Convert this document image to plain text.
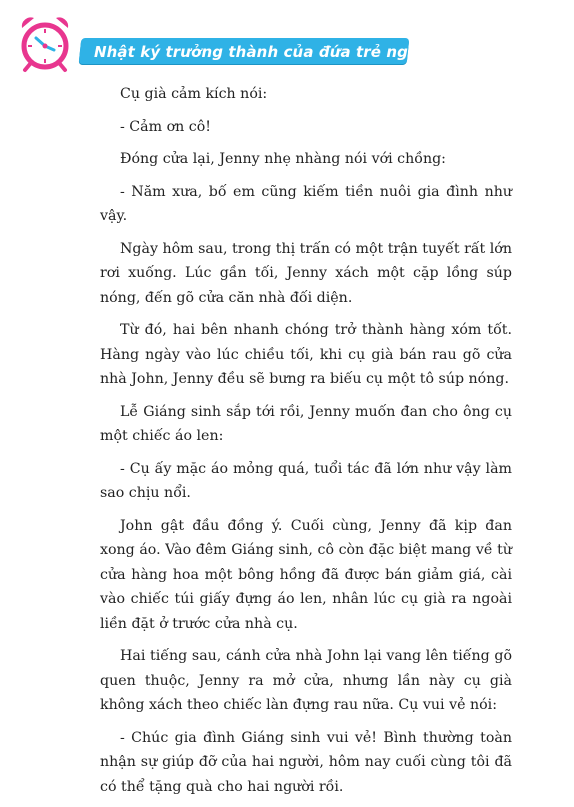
Nhật ký trưởng thành của đứa trẻ ngoan

Cụ già cảm kích nói:

- Cảm ơn cô!

Đóng cửa lại, Jenny nhẹ nhàng nói với chồng:

- Năm xưa, bố em cũng kiếm tiền nuôi gia đình như vậy.

Ngày hôm sau, trong thị trấn có một trận tuyết rất lớn rơi xuống. Lúc gần tối, Jenny xách một cặp lồng súp nóng, đến gõ cửa căn nhà đối diện.

Từ đó, hai bên nhanh chóng trở thành hàng xóm tốt. Hàng ngày vào lúc chiều tối, khi cụ già bán rau gõ cửa nhà John, Jenny đều sẽ bưng ra biếu cụ một tô súp nóng.

Lễ Giáng sinh sắp tới rồi, Jenny muốn đan cho ông cụ một chiếc áo len:

- Cụ ấy mặc áo mỏng quá, tuổi tác đã lớn như vậy làm sao chịu nổi.

John gật đầu đồng ý. Cuối cùng, Jenny đã kịp đan xong áo. Vào đêm Giáng sinh, cô còn đặc biệt mang về từ cửa hàng hoa một bông hồng đã được bán giảm giá, cài vào chiếc túi giấy đựng áo len, nhân lúc cụ già ra ngoài liền đặt ở trước cửa nhà cụ.

Hai tiếng sau, cánh cửa nhà John lại vang lên tiếng gõ quen thuộc, Jenny ra mở cửa, nhưng lần này cụ già không xách theo chiếc làn đựng rau nữa. Cụ vui vẻ nói:

- Chúc gia đình Giáng sinh vui vẻ! Bình thường toàn nhận sự giúp đỡ của hai người, hôm nay cuối cùng tôi đã có thể tặng quà cho hai người rồi.
